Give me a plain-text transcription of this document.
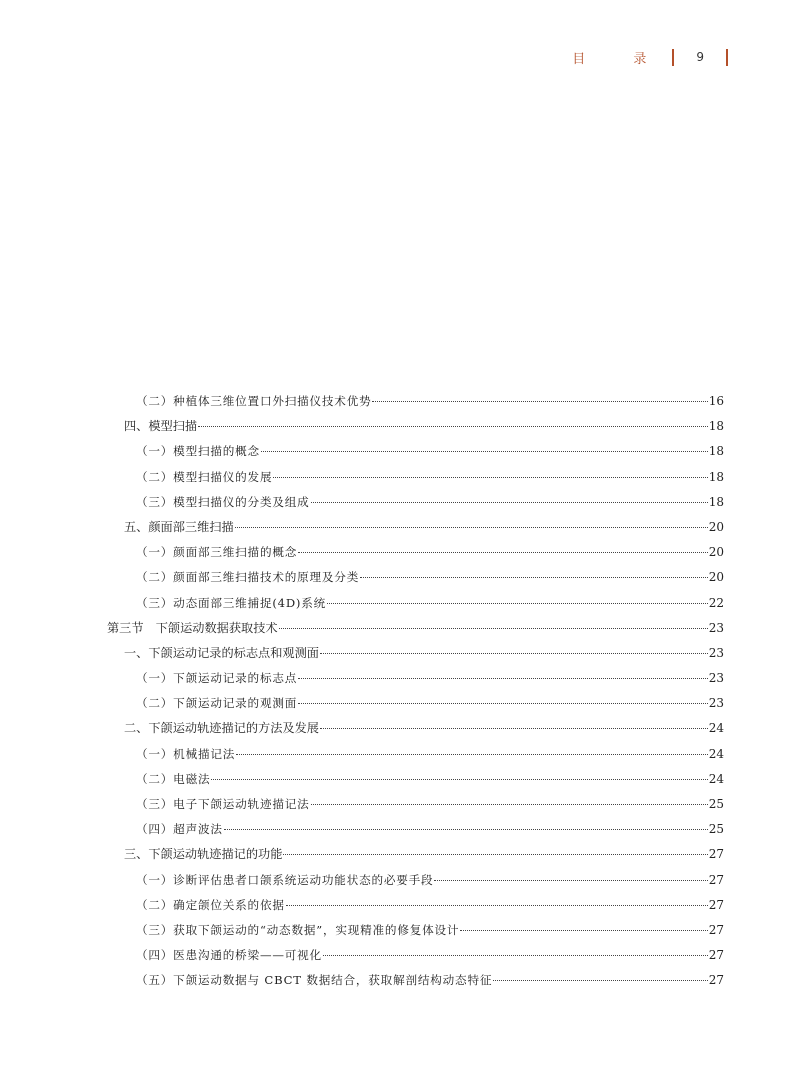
目 录 9
（二）种植体三维位置口外扫描仪技术优势	16
四、模型扫描	18
（一）模型扫描的概念	18
（二）模型扫描仪的发展	18
（三）模型扫描仪的分类及组成	18
五、颜面部三维扫描	20
（一）颜面部三维扫描的概念	20
（二）颜面部三维扫描技术的原理及分类	20
（三）动态面部三维捕捉(4D)系统	22
第三节　下颌运动数据获取技术	23
一、下颌运动记录的标志点和观测面	23
（一）下颌运动记录的标志点	23
（二）下颌运动记录的观测面	23
二、下颌运动轨迹描记的方法及发展	24
（一）机械描记法	24
（二）电磁法	24
（三）电子下颌运动轨迹描记法	25
（四）超声波法	25
三、下颌运动轨迹描记的功能	27
（一）诊断评估患者口颌系统运动功能状态的必要手段	27
（二）确定颌位关系的依据	27
（三）获取下颌运动的“动态数据”，实现精准的修复体设计	27
（四）医患沟通的桥梁——可视化	27
（五）下颌运动数据与 CBCT 数据结合，获取解剖结构动态特征	27
